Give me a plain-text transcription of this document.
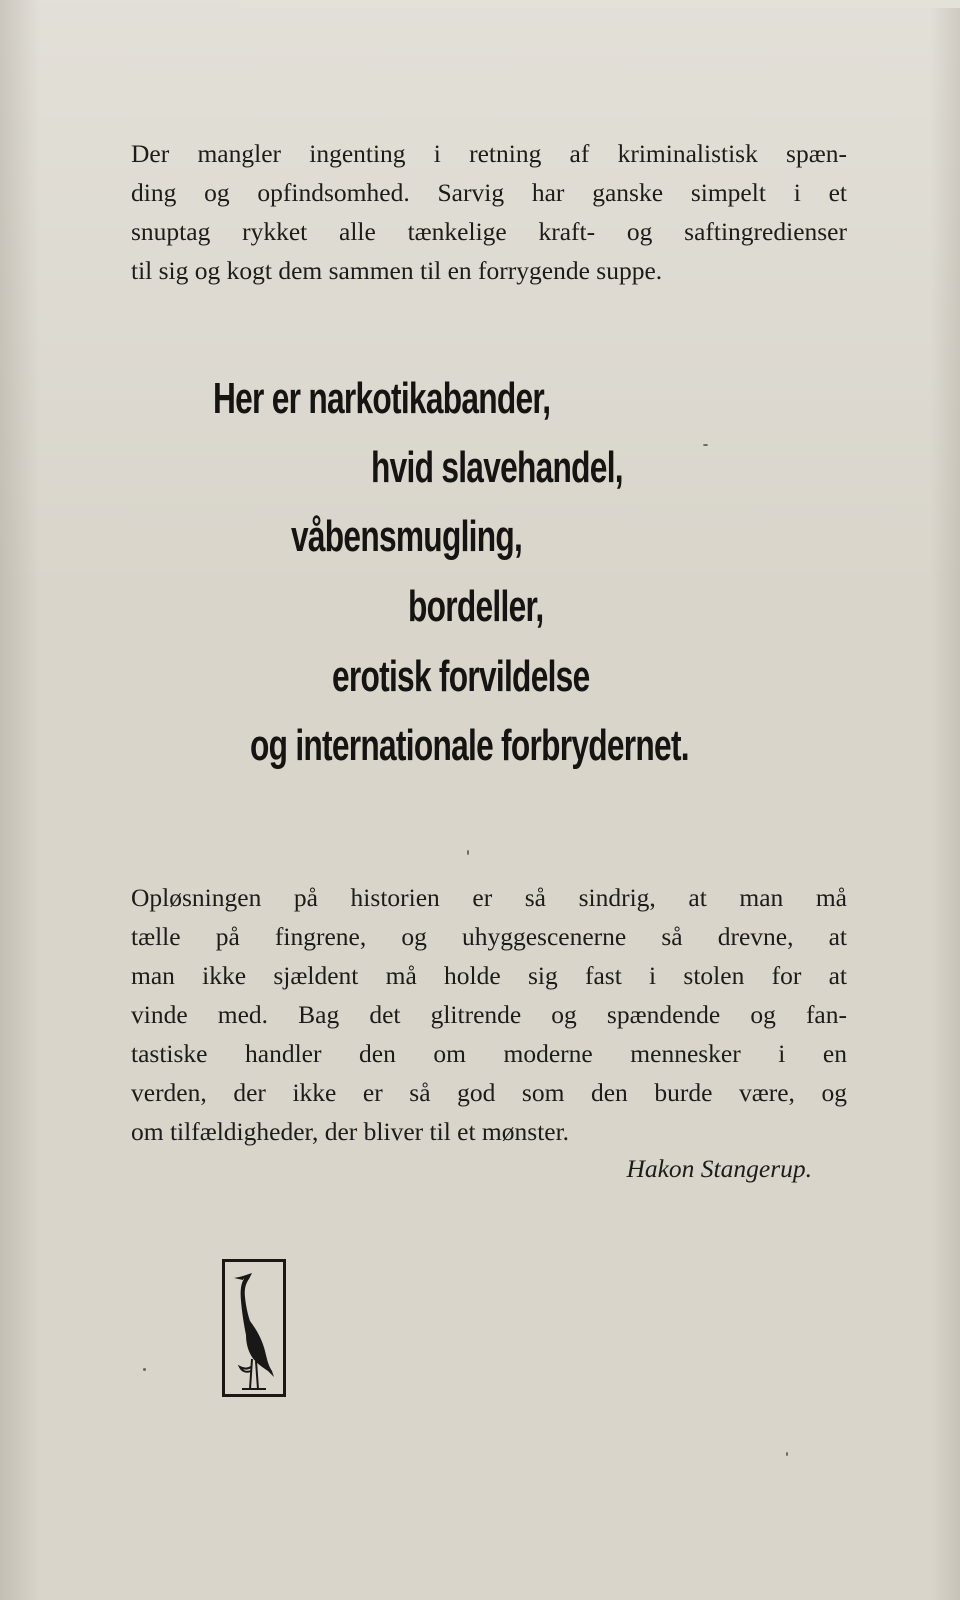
Der mangler ingenting i retning af kriminalistisk spæn-
ding og opfindsomhed. Sarvig har ganske simpelt i et
snuptag rykket alle tænkelige kraft- og saftingredienser
til sig og kogt dem sammen til en forrygende suppe.
Her er narkotikabander,
hvid slavehandel,
våbensmugling,
bordeller,
erotisk forvildelse
og internationale forbrydernet.
Opløsningen på historien er så sindrig, at man må
tælle på fingrene, og uhyggescenerne så drevne, at
man ikke sjældent må holde sig fast i stolen for at
vinde med. Bag det glitrende og spændende og fan-
tastiske handler den om moderne mennesker i en
verden, der ikke er så god som den burde være, og
om tilfældigheder, der bliver til et mønster.
Hakon Stangerup.
